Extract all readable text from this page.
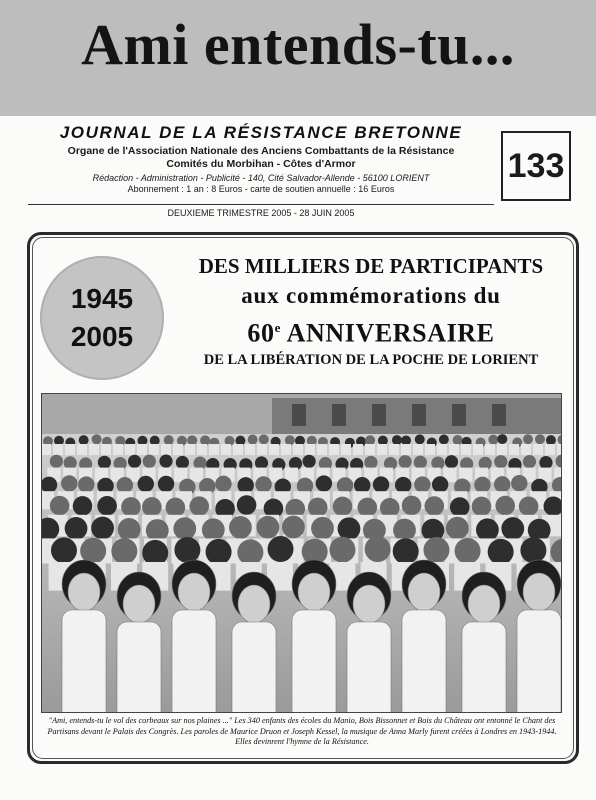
Ami entends-tu...
JOURNAL DE LA RÉSISTANCE BRETONNE
Organe de l'Association Nationale des Anciens Combattants de la Résistance
Comités du Morbihan - Côtes d'Armor
Rédaction - Administration - Publicité - 140, Cité Salvador-Allende - 56100 LORIENT
Abonnement : 1 an : 8 Euros - carte de soutien annuelle : 16 Euros
133
DEUXIEME TRIMESTRE 2005 - 28 JUIN 2005
1945
2005
DES MILLIERS DE PARTICIPANTS
aux commémorations du
60e ANNIVERSAIRE
DE LA LIBÉRATION DE LA POCHE DE LORIENT
"Ami, entends-tu le vol des corbeaux sur nos plaines ..." Les 340 enfants des écoles du Manio, Bois Bissonnet et Bois du Château ont entonné le Chant des Partisans devant le Palais des Congrès. Les paroles de Maurice Druon et Joseph Kessel, la musique de Anna Marly furent créées à Londres en 1943-1944. Elles devinrent l'hymne de la Résistance.
